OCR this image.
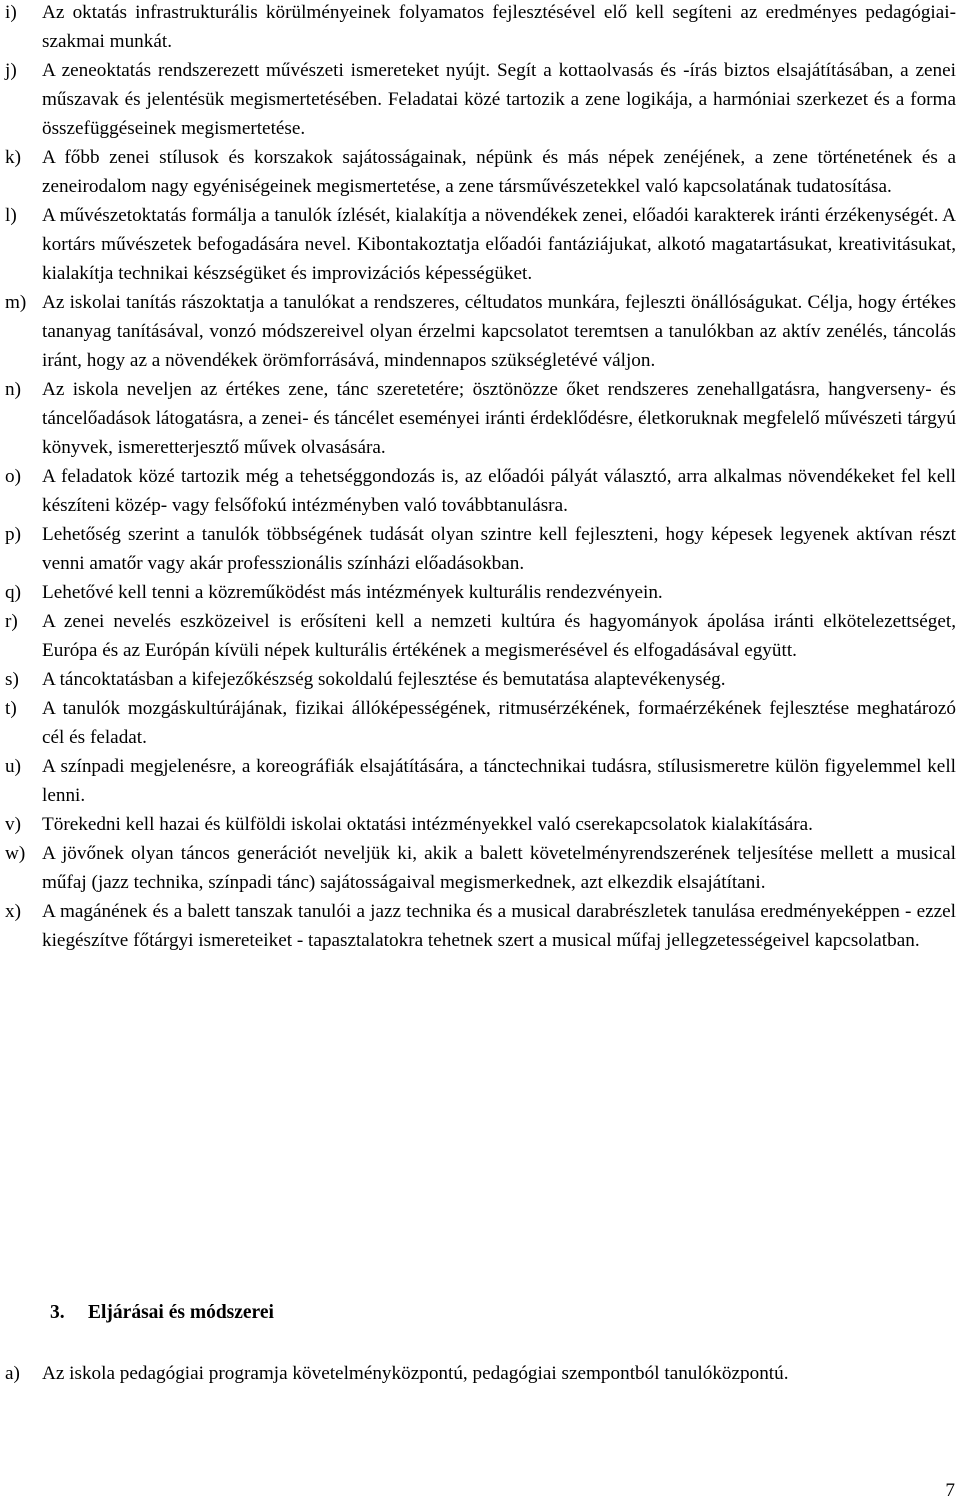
i)	Az oktatás infrastrukturális körülményeinek folyamatos fejlesztésével elő kell segíteni az eredményes pedagógiai-szakmai munkát.
j)	A zeneoktatás rendszerezett művészeti ismereteket nyújt. Segít a kottaolvasás és -írás biztos elsajátításában, a zenei műszavak és jelentésük megismertetésében. Feladatai közé tartozik a zene logikája, a harmóniai szerkezet és a forma összefüggéseinek megismertetése.
k)	A főbb zenei stílusok és korszakok sajátosságainak, népünk és más népek zenéjének, a zene történetének és a zeneirodalom nagy egyéniségeinek megismertetése, a zene társművészetekkel való kapcsolatának tudatosítása.
l)	A művészetoktatás formálja a tanulók ízlését, kialakítja a növendékek zenei, előadói karakterek iránti érzékenységét. A kortárs művészetek befogadására nevel. Kibontakoztatja előadói fantáziájukat, alkotó magatartásukat, kreativitásukat, kialakítja technikai készségüket és improvizációs képességüket.
m) Az iskolai tanítás rászoktatja a tanulókat a rendszeres, céltudatos munkára, fejleszti önállóságukat. Célja, hogy értékes tananyag tanításával, vonzó módszereivel olyan érzelmi kapcsolatot teremtsen a tanulókban az aktív zenélés, táncolás iránt, hogy az a növendékek örömforrásává, mindennapos szükségletévé váljon.
n)	Az iskola neveljen az értékes zene, tánc szeretetére; ösztönözze őket rendszeres zenehallgatásra, hangverseny- és táncelőadások látogatásra, a zenei- és táncélet eseményei iránti érdeklődésre, életkoruknak megfelelő művészeti tárgyú könyvek, ismeretterjesztő művek olvasására.
o)	A feladatok közé tartozik még a tehetséggondozás is, az előadói pályát választó, arra alkalmas növendékeket fel kell készíteni közép- vagy felsőfokú intézményben való továbbtanulásra.
p)	Lehetőség szerint a tanulók többségének tudását olyan szintre kell fejleszteni, hogy képesek legyenek aktívan részt venni amatőr vagy akár professzionális színházi előadásokban.
q)	Lehetővé kell tenni a közreműködést más intézmények kulturális rendezvényein.
r)	A zenei nevelés eszközeivel is erősíteni kell a nemzeti kultúra és hagyományok ápolása iránti elkötelezettséget, Európa és az Európán kívüli népek kulturális értékének a megismerésével és elfogadásával együtt.
s)	A táncoktatásban a kifejezőkészség sokoldalú fejlesztése és bemutatása alaptevékenység.
t)	A tanulók mozgáskultúrájának, fizikai állóképességének, ritmusérzékének, formaérzékének fejlesztése meghatározó cél és feladat.
u)	A színpadi megjelenésre, a koreográfiák elsajátítására, a tánctechnikai tudásra, stílusismeretre külön figyelemmel kell lenni.
v)	Törekedni kell hazai és külföldi iskolai oktatási intézményekkel való cserekapcsolatok kialakítására.
w) A jövőnek olyan táncos generációt neveljük ki, akik a balett követelményrendszerének teljesítése mellett a musical műfaj (jazz technika, színpadi tánc) sajátosságaival megismerkednek, azt elkezdik elsajátítani.
x)	A magánének és a balett tanszak tanulói a jazz technika és a musical darabrészletek tanulása eredményeképpen - ezzel kiegészítve főtárgyi ismereteiket - tapasztalatokra tehetnek szert a musical műfaj jellegzetességeivel kapcsolatban.
3. Eljárásai és módszerei
a)	Az iskola pedagógiai programja követelményközpontú, pedagógiai szempontból tanulóközpontú.
7
